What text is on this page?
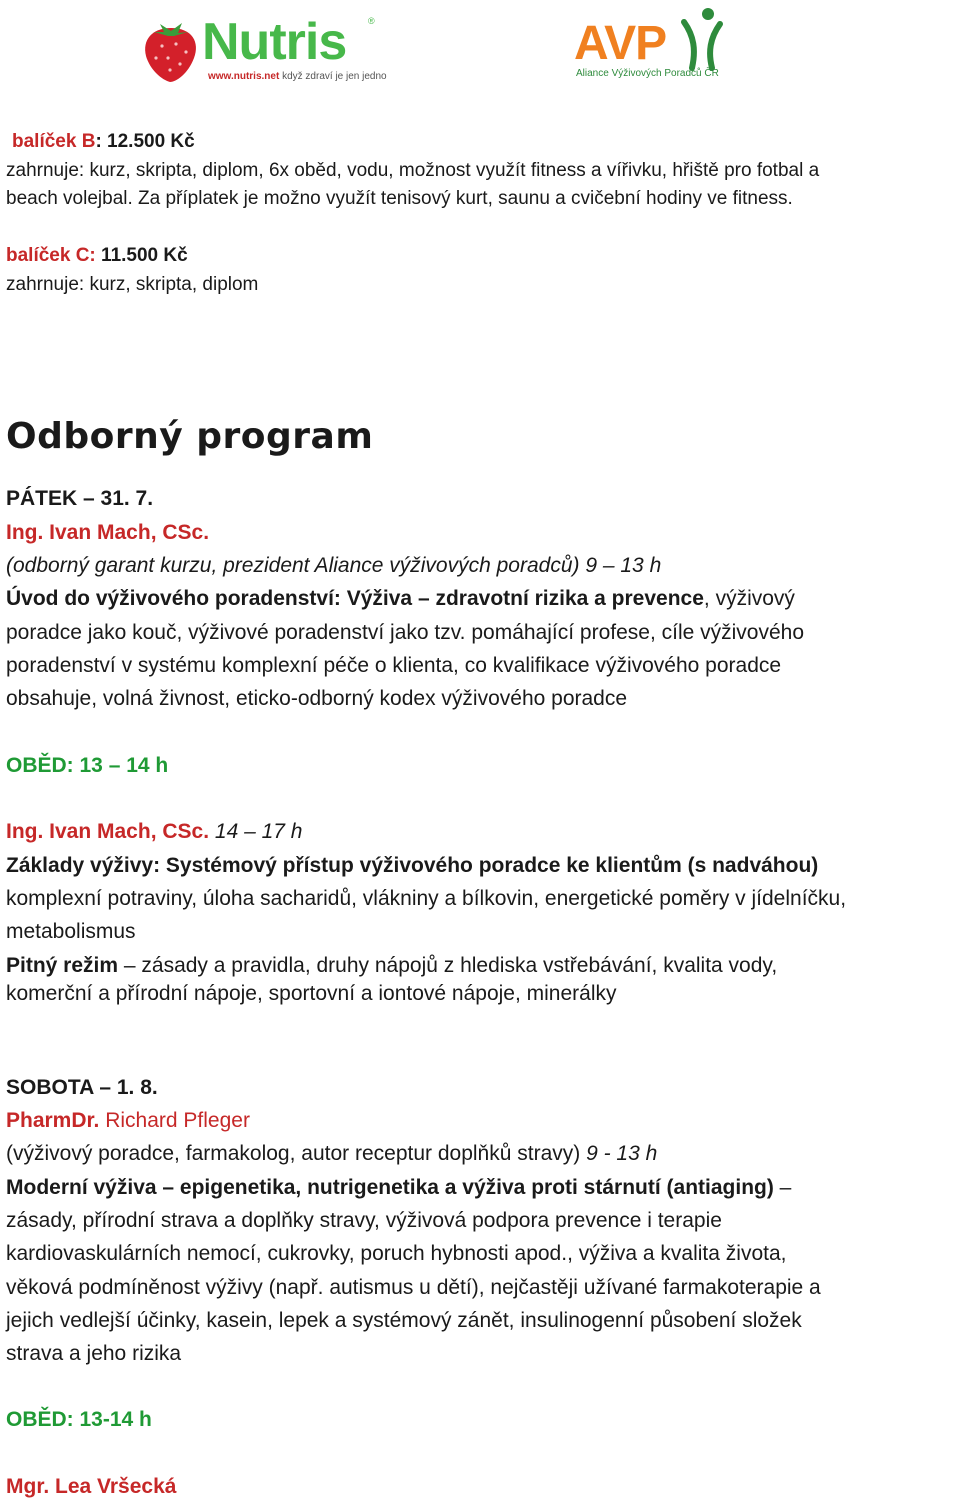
Nutris ®
www.nutris.net když zdraví je jen jedno
AVP
Aliance Výživových Poradců ČR
balíček B: 12.500 Kč
zahrnuje: kurz, skripta, diplom, 6x oběd, vodu, možnost využít fitness a vířivku, hřiště pro fotbal a
beach volejbal. Za příplatek je možno využít tenisový kurt, saunu a cvičební hodiny ve fitness.
balíček C: 11.500 Kč
zahrnuje: kurz, skripta, diplom
Odborný program
PÁTEK – 31. 7.
Ing. Ivan Mach, CSc.
(odborný garant kurzu, prezident Aliance výživových poradců) 9 – 13 h
Úvod do výživového poradenství: Výživa – zdravotní rizika a prevence, výživový
poradce jako kouč, výživové poradenství jako tzv. pomáhající profese, cíle výživového
poradenství v systému komplexní péče o klienta, co kvalifikace výživového poradce
obsahuje, volná živnost, eticko-odborný kodex výživového poradce
OBĚD: 13 – 14 h
Ing. Ivan Mach, CSc. 14 – 17 h
Základy výživy: Systémový přístup výživového poradce ke klientům (s nadváhou)
komplexní potraviny, úloha sacharidů, vlákniny a bílkovin, energetické poměry v jídelníčku,
metabolismus
Pitný režim – zásady a pravidla, druhy nápojů z hlediska vstřebávání, kvalita vody,
komerční a přírodní nápoje, sportovní a iontové nápoje, minerálky
SOBOTA – 1. 8.
PharmDr. Richard Pfleger
(výživový poradce, farmakolog, autor receptur doplňků stravy) 9 - 13 h
Moderní výživa – epigenetika, nutrigenetika a výživa proti stárnutí (antiaging) –
zásady, přírodní strava a doplňky stravy, výživová podpora prevence i terapie
kardiovaskulárních nemocí, cukrovky, poruch hybnosti apod., výživa a kvalita života,
věková podmíněnost výživy (např. autismus u dětí), nejčastěji užívané farmakoterapie a
jejich vedlejší účinky, kasein, lepek a systémový zánět, insulinogenní působení složek
strava a jeho rizika
OBĚD: 13-14 h
Mgr. Lea Vršecká
